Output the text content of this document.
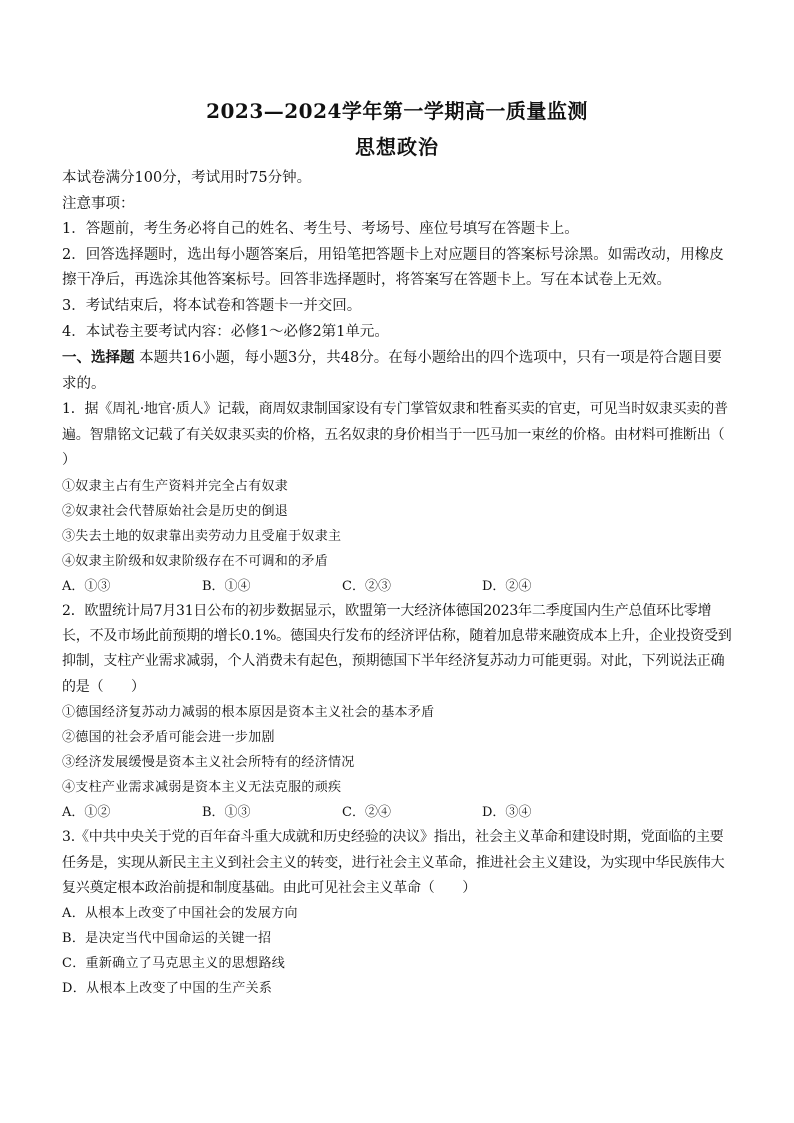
2023—2024学年第一学期高一质量监测
思想政治

本试卷满分100分，考试用时75分钟。

注意事项：

1．答题前，考生务必将自己的姓名、考生号、考场号、座位号填写在答题卡上。

2．回答选择题时，选出每小题答案后，用铅笔把答题卡上对应题目的答案标号涂黑。如需改动，用橡皮擦干净后，再选涂其他答案标号。回答非选择题时，将答案写在答题卡上。写在本试卷上无效。

3．考试结束后，将本试卷和答题卡一并交回。

4．本试卷主要考试内容：必修1～必修2第1单元。

一、选择题 本题共16小题，每小题3分，共48分。在每小题给出的四个选项中，只有一项是符合题目要求的。

1．据《周礼·地官·质人》记载，商周奴隶制国家设有专门掌管奴隶和牲畜买卖的官吏，可见当时奴隶买卖的普遍。智鼎铭文记载了有关奴隶买卖的价格，五名奴隶的身价相当于一匹马加一束丝的价格。由材料可推断出（　　）

①奴隶主占有生产资料并完全占有奴隶

②奴隶社会代替原始社会是历史的倒退

③失去土地的奴隶靠出卖劳动力且受雇于奴隶主

④奴隶主阶级和奴隶阶级存在不可调和的矛盾

A．①③	B．①④	C．②③	D．②④

2．欧盟统计局7月31日公布的初步数据显示，欧盟第一大经济体德国2023年二季度国内生产总值环比零增长，不及市场此前预期的增长0.1%。德国央行发布的经济评估称，随着加息带来融资成本上升，企业投资受到抑制，支柱产业需求减弱，个人消费未有起色，预期德国下半年经济复苏动力可能更弱。对此，下列说法正确的是（　　）

①德国经济复苏动力减弱的根本原因是资本主义社会的基本矛盾

②德国的社会矛盾可能会进一步加剧

③经济发展缓慢是资本主义社会所特有的经济情况

④支柱产业需求减弱是资本主义无法克服的顽疾

A．①②	B．①③	C．②④	D．③④

3.《中共中央关于党的百年奋斗重大成就和历史经验的决议》指出，社会主义革命和建设时期，党面临的主要任务是，实现从新民主主义到社会主义的转变，进行社会主义革命，推进社会主义建设，为实现中华民族伟大复兴奠定根本政治前提和制度基础。由此可见社会主义革命（　　）

A．从根本上改变了中国社会的发展方向

B．是决定当代中国命运的关键一招

C．重新确立了马克思主义的思想路线

D．从根本上改变了中国的生产关系
